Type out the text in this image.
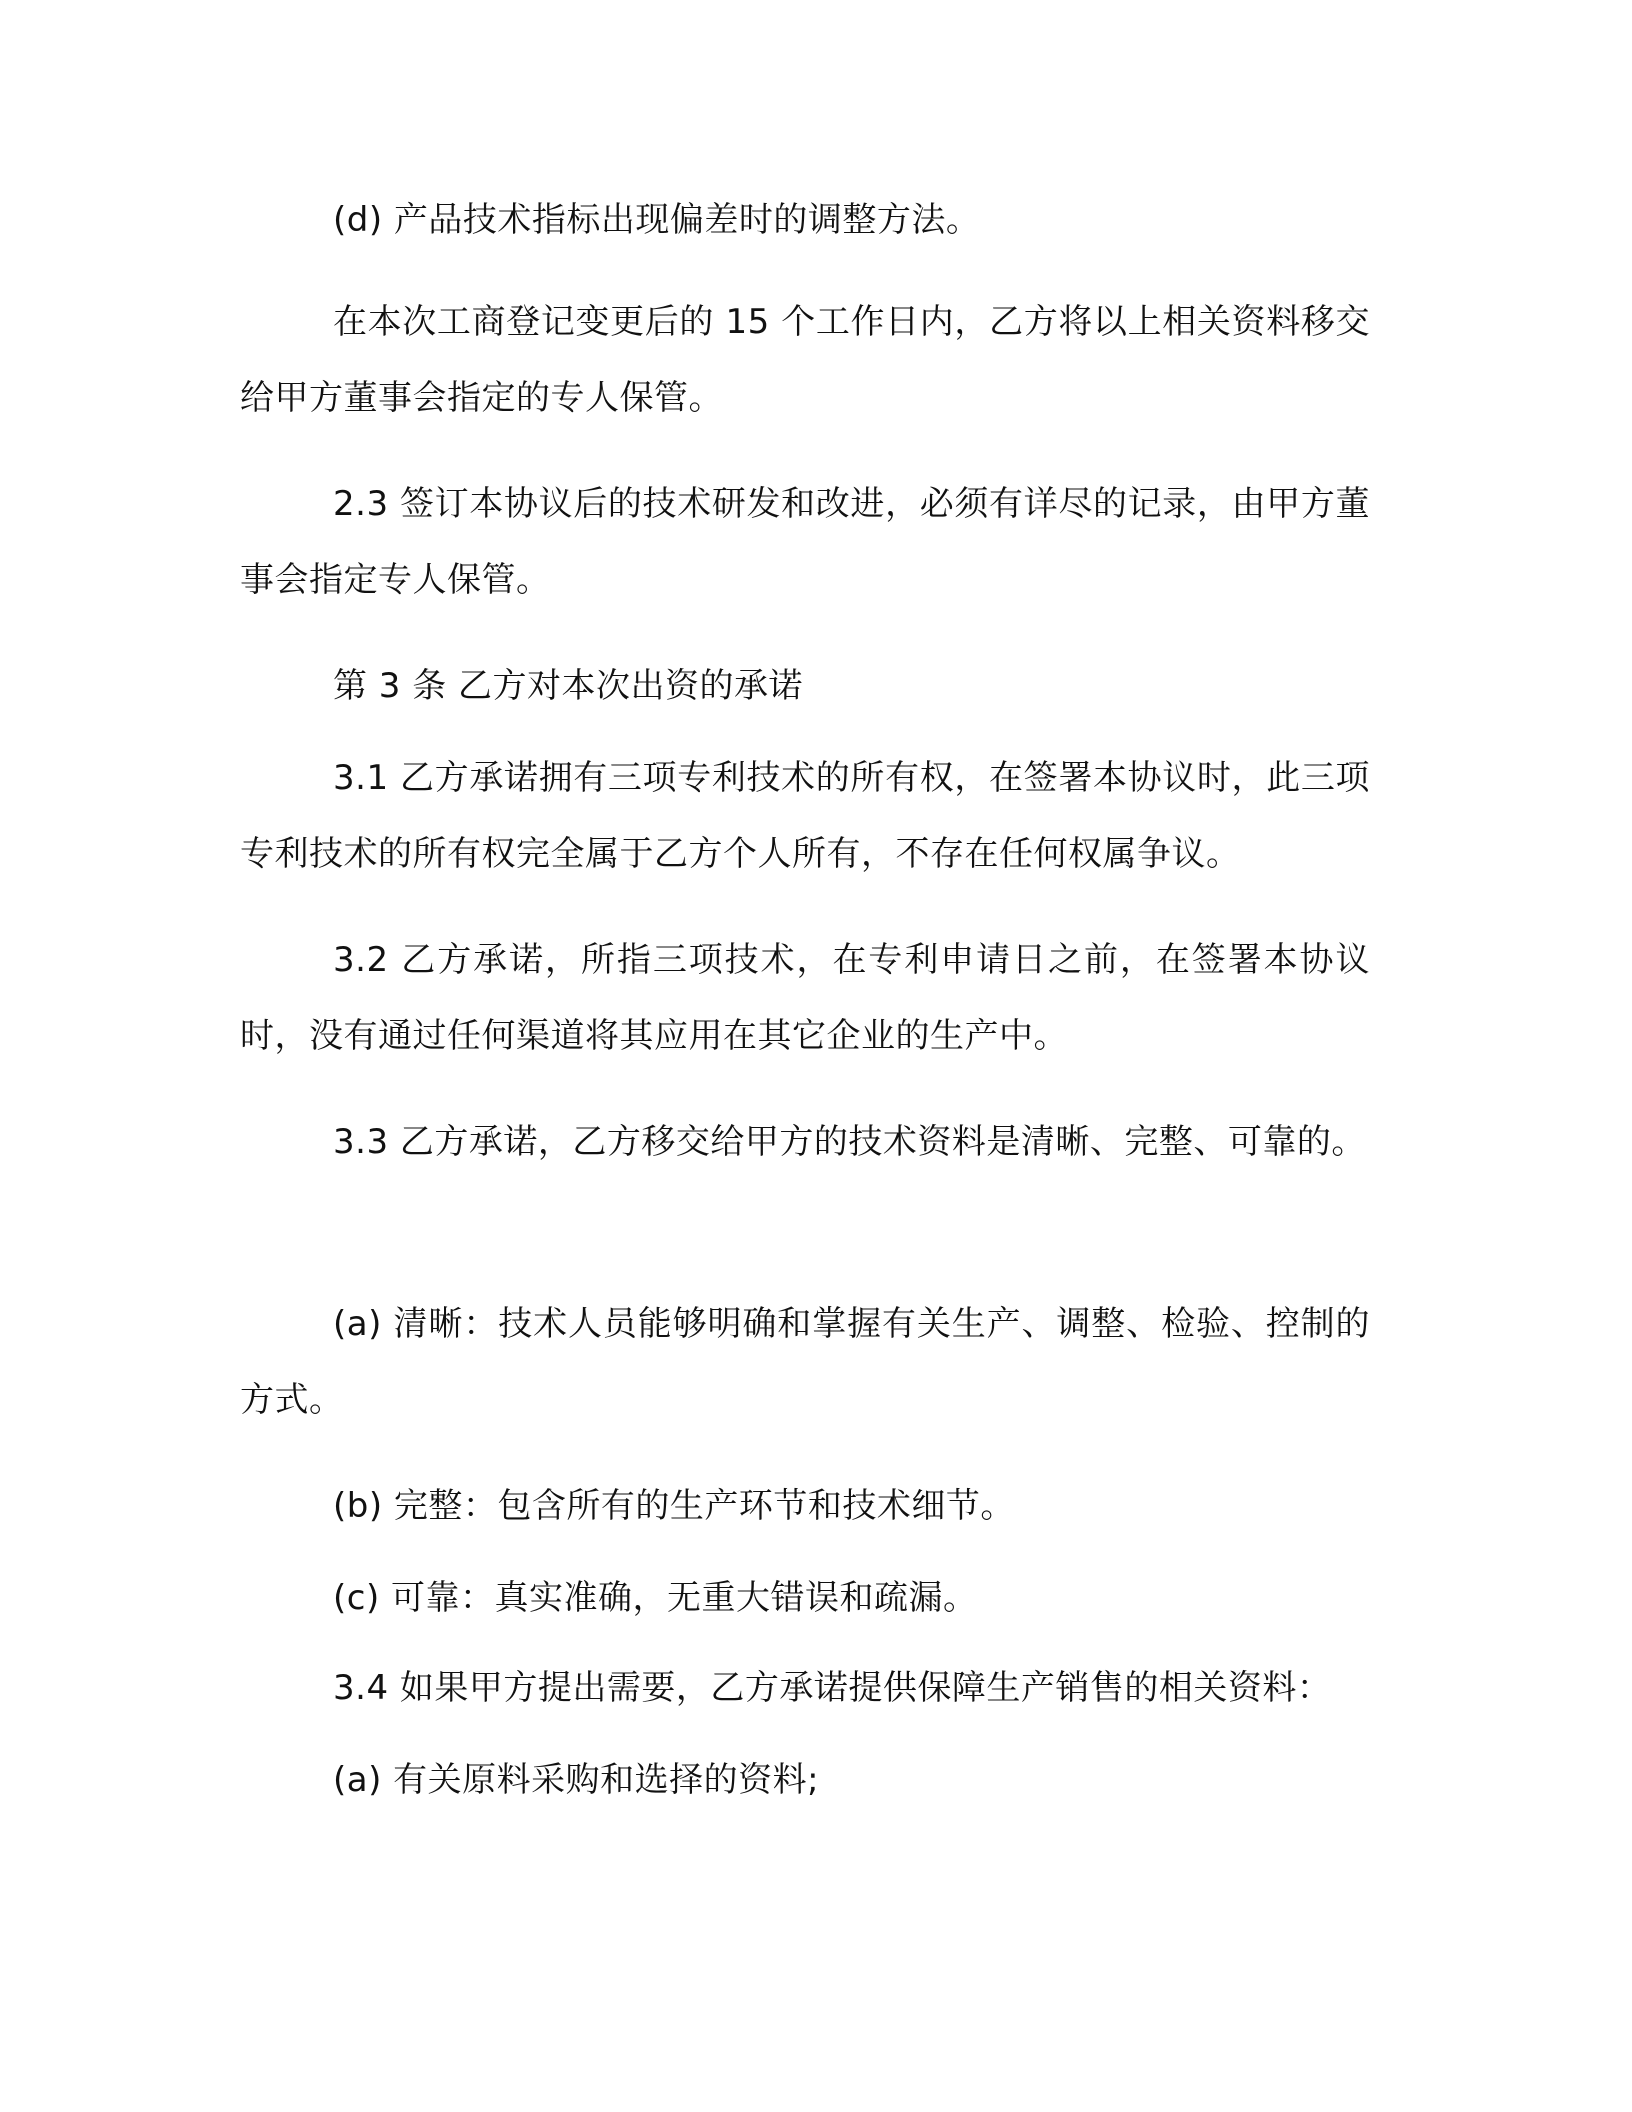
(d) 产品技术指标出现偏差时的调整方法。

在本次工商登记变更后的 15 个工作日内，乙方将以上相关资料移交给甲方董事会指定的专人保管。

2.3 签订本协议后的技术研发和改进，必须有详尽的记录，由甲方董事会指定专人保管。

第 3 条 乙方对本次出资的承诺

3.1 乙方承诺拥有三项专利技术的所有权，在签署本协议时，此三项专利技术的所有权完全属于乙方个人所有，不存在任何权属争议。

3.2 乙方承诺，所指三项技术，在专利申请日之前，在签署本协议时，没有通过任何渠道将其应用在其它企业的生产中。

3.3 乙方承诺，乙方移交给甲方的技术资料是清晰、完整、可靠的。

(a) 清晰：技术人员能够明确和掌握有关生产、调整、检验、控制的方式。

(b) 完整：包含所有的生产环节和技术细节。

(c) 可靠：真实准确，无重大错误和疏漏。

3.4 如果甲方提出需要，乙方承诺提供保障生产销售的相关资料：

(a) 有关原料采购和选择的资料;
